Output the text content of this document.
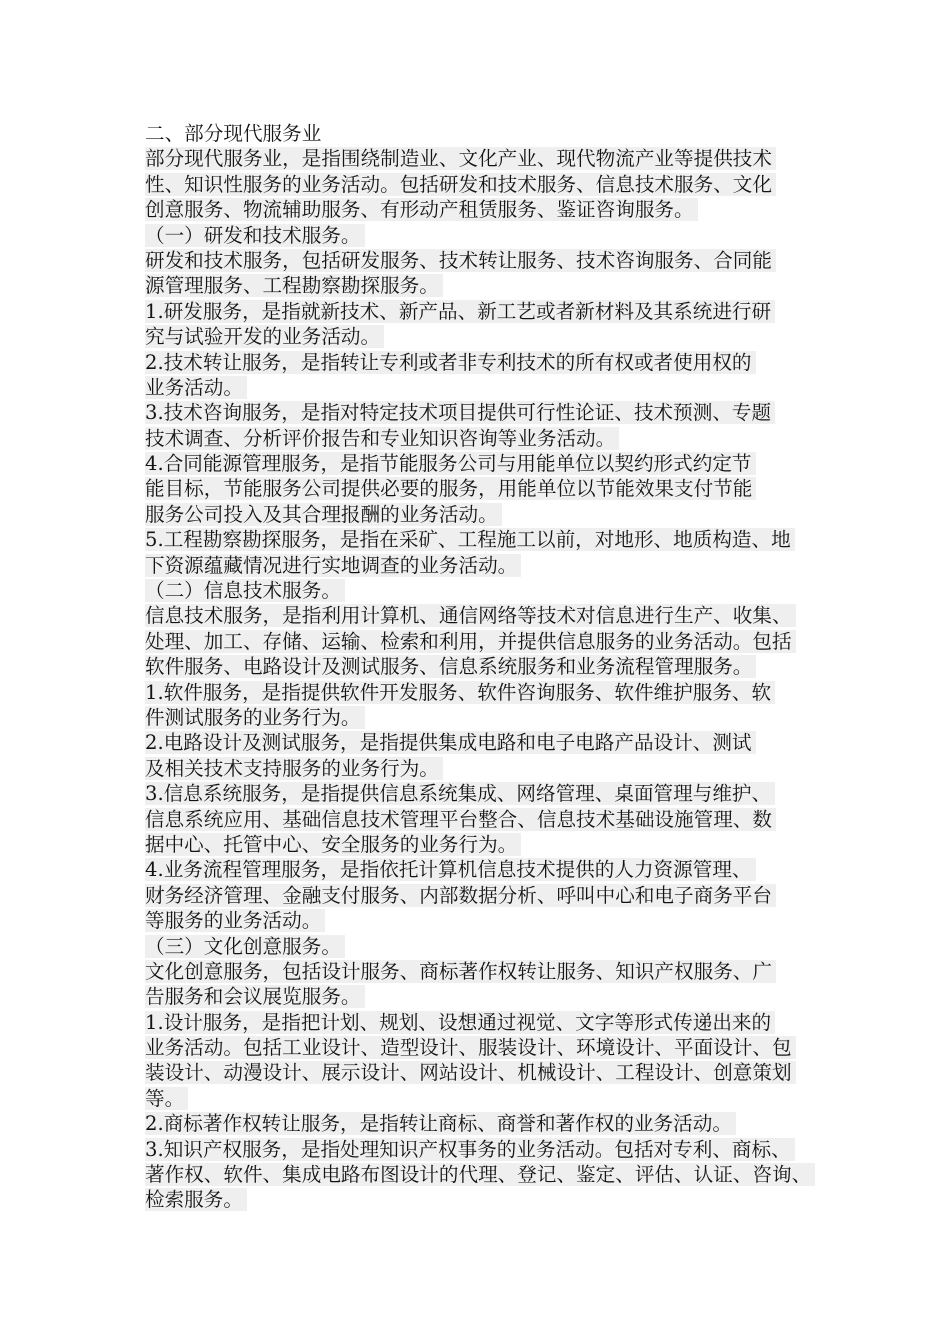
二、部分现代服务业
部分现代服务业，是指围绕制造业、文化产业、现代物流产业等提供技术
性、知识性服务的业务活动。包括研发和技术服务、信息技术服务、文化
创意服务、物流辅助服务、有形动产租赁服务、鉴证咨询服务。
（一）研发和技术服务。
研发和技术服务，包括研发服务、技术转让服务、技术咨询服务、合同能
源管理服务、工程勘察勘探服务。
1.研发服务，是指就新技术、新产品、新工艺或者新材料及其系统进行研
究与试验开发的业务活动。
2.技术转让服务，是指转让专利或者非专利技术的所有权或者使用权的
业务活动。
3.技术咨询服务，是指对特定技术项目提供可行性论证、技术预测、专题
技术调查、分析评价报告和专业知识咨询等业务活动。
4.合同能源管理服务，是指节能服务公司与用能单位以契约形式约定节
能目标，节能服务公司提供必要的服务，用能单位以节能效果支付节能
服务公司投入及其合理报酬的业务活动。
5.工程勘察勘探服务，是指在采矿、工程施工以前，对地形、地质构造、地
下资源蕴藏情况进行实地调查的业务活动。
（二）信息技术服务。
信息技术服务，是指利用计算机、通信网络等技术对信息进行生产、收集、
处理、加工、存储、运输、检索和利用，并提供信息服务的业务活动。包括
软件服务、电路设计及测试服务、信息系统服务和业务流程管理服务。
1.软件服务，是指提供软件开发服务、软件咨询服务、软件维护服务、软
件测试服务的业务行为。
2.电路设计及测试服务，是指提供集成电路和电子电路产品设计、测试
及相关技术支持服务的业务行为。
3.信息系统服务，是指提供信息系统集成、网络管理、桌面管理与维护、
信息系统应用、基础信息技术管理平台整合、信息技术基础设施管理、数
据中心、托管中心、安全服务的业务行为。
4.业务流程管理服务，是指依托计算机信息技术提供的人力资源管理、
财务经济管理、金融支付服务、内部数据分析、呼叫中心和电子商务平台
等服务的业务活动。
（三）文化创意服务。
文化创意服务，包括设计服务、商标著作权转让服务、知识产权服务、广
告服务和会议展览服务。
1.设计服务，是指把计划、规划、设想通过视觉、文字等形式传递出来的
业务活动。包括工业设计、造型设计、服装设计、环境设计、平面设计、包
装设计、动漫设计、展示设计、网站设计、机械设计、工程设计、创意策划
等。
2.商标著作权转让服务，是指转让商标、商誉和著作权的业务活动。
3.知识产权服务，是指处理知识产权事务的业务活动。包括对专利、商标、
著作权、软件、集成电路布图设计的代理、登记、鉴定、评估、认证、咨询、
检索服务。
